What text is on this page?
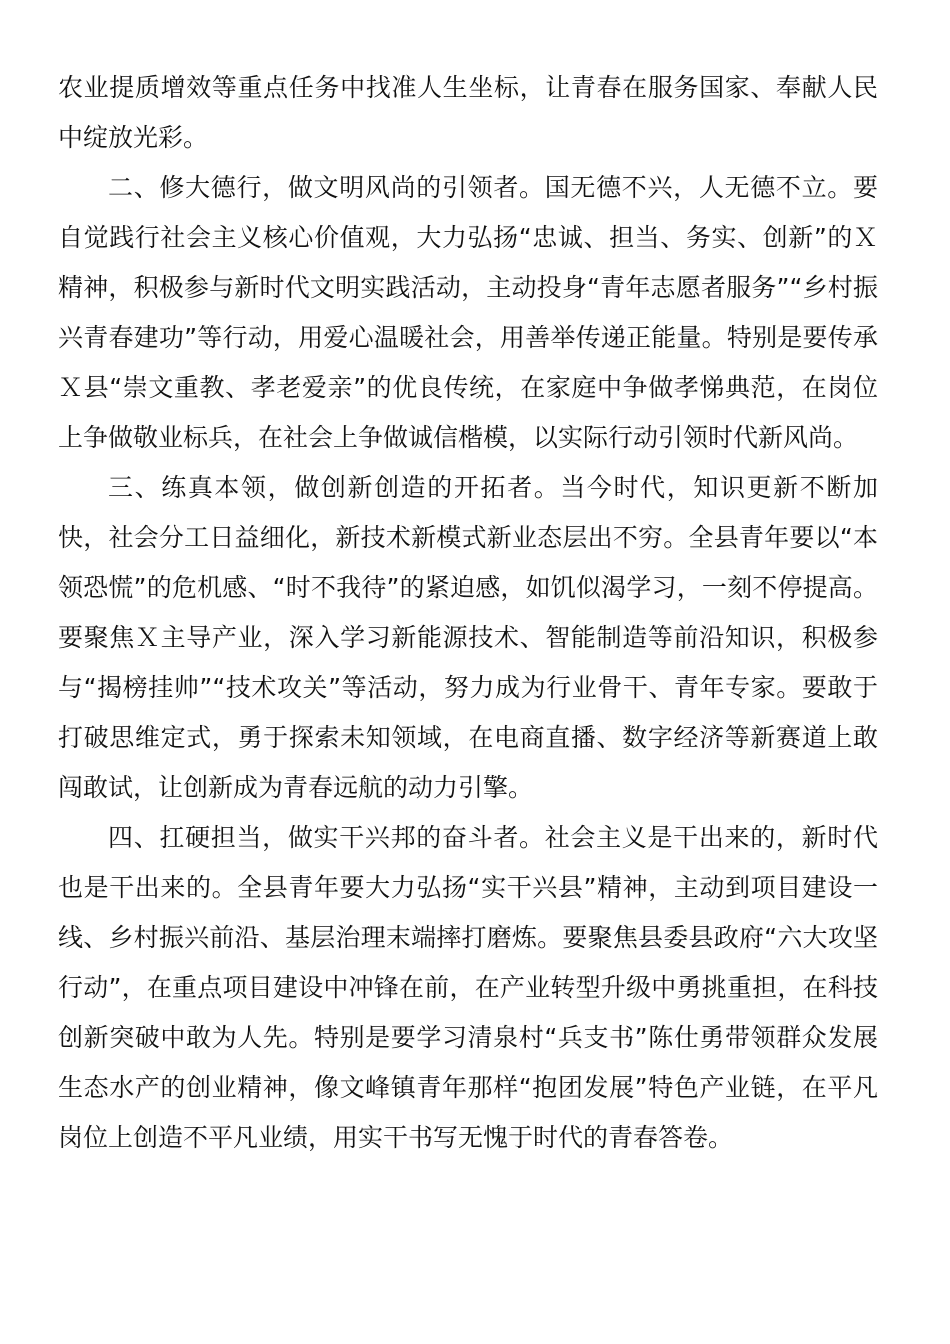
农业提质增效等重点任务中找准人生坐标，让青春在服务国家、奉献人民中绽放光彩。

二、修大德行，做文明风尚的引领者。国无德不兴，人无德不立。要自觉践行社会主义核心价值观，大力弘扬“忠诚、担当、务实、创新”的Ｘ精神，积极参与新时代文明实践活动，主动投身“青年志愿者服务”“乡村振兴青春建功”等行动，用爱心温暖社会，用善举传递正能量。特别是要传承Ｘ县“崇文重教、孝老爱亲”的优良传统，在家庭中争做孝悌典范，在岗位上争做敬业标兵，在社会上争做诚信楷模，以实际行动引领时代新风尚。

三、练真本领，做创新创造的开拓者。当今时代，知识更新不断加快，社会分工日益细化，新技术新模式新业态层出不穷。全县青年要以“本领恐慌”的危机感、“时不我待”的紧迫感，如饥似渴学习，一刻不停提高。要聚焦Ｘ主导产业，深入学习新能源技术、智能制造等前沿知识，积极参与“揭榜挂帅”“技术攻关”等活动，努力成为行业骨干、青年专家。要敢于打破思维定式，勇于探索未知领域，在电商直播、数字经济等新赛道上敢闯敢试，让创新成为青春远航的动力引擎。

四、扛硬担当，做实干兴邦的奋斗者。社会主义是干出来的，新时代也是干出来的。全县青年要大力弘扬“实干兴县”精神，主动到项目建设一线、乡村振兴前沿、基层治理末端摔打磨炼。要聚焦县委县政府“六大攻坚行动”，在重点项目建设中冲锋在前，在产业转型升级中勇挑重担，在科技创新突破中敢为人先。特别是要学习清泉村“兵支书”陈仕勇带领群众发展生态水产的创业精神，像文峰镇青年那样“抱团发展”特色产业链，在平凡岗位上创造不平凡业绩，用实干书写无愧于时代的青春答卷。
